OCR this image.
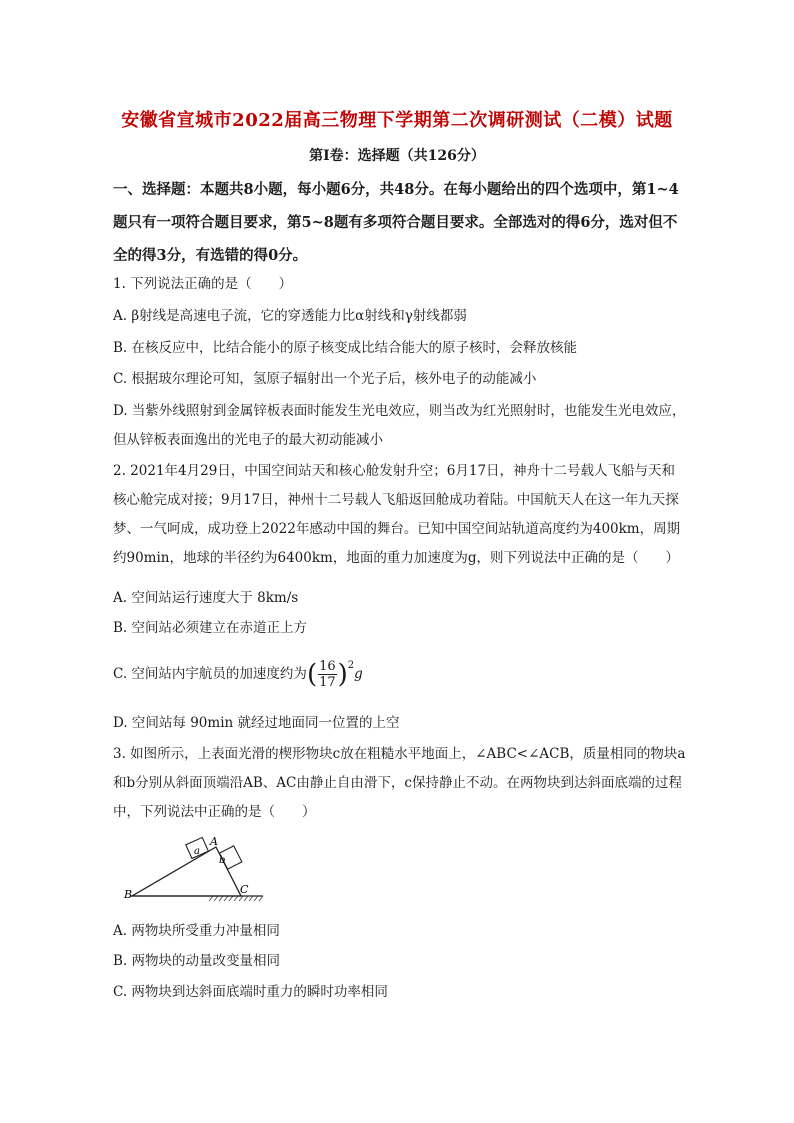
安徽省宣城市2022届高三物理下学期第二次调研测试（二模）试题
第Ⅰ卷：选择题（共126分）
一、选择题：本题共8小题，每小题6分，共48分。在每小题给出的四个选项中，第1~4题只有一项符合题目要求，第5~8题有多项符合题目要求。全部选对的得6分，选对但不全的得3分，有选错的得0分。
1. 下列说法正确的是（　　）
A. β射线是高速电子流，它的穿透能力比α射线和γ射线都弱
B. 在核反应中，比结合能小的原子核变成比结合能大的原子核时，会释放核能
C. 根据玻尔理论可知，氢原子辐射出一个光子后，核外电子的动能减小
D. 当紫外线照射到金属锌板表面时能发生光电效应，则当改为红光照射时，也能发生光电效应，
但从锌板表面逸出的光电子的最大初动能减小
2. 2021年4月29日，中国空间站天和核心舱发射升空；6月17日，神舟十二号载人飞船与天和核心舱完成对接；9月17日，神州十二号载人飞船返回舱成功着陆。中国航天人在这一年九天探梦、一气呵成，成功登上2022年感动中国的舞台。已知中国空间站轨道高度约为400km，周期约90min，地球的半径约为6400km，地面的重力加速度为g，则下列说法中正确的是（　　）
A. 空间站运行速度大于 8km/s
B. 空间站必须建立在赤道正上方
C. 空间站内宇航员的加速度约为( $\frac{16}{17} )^2g$
D. 空间站每 90min 就经过地面同一位置的上空
3. 如图所示，上表面光滑的楔形物块c放在粗糙水平地面上，∠ABC<∠ACB，质量相同的物块a和b分别从斜面顶端沿AB、AC由静止自由滑下，c保持静止不动。在两物块到达斜面底端的过程中，下列说法中正确的是（　　）
A
B	C
a
b
A. 两物块所受重力冲量相同
B. 两物块的动量改变量相同
C. 两物块到达斜面底端时重力的瞬时功率相同
